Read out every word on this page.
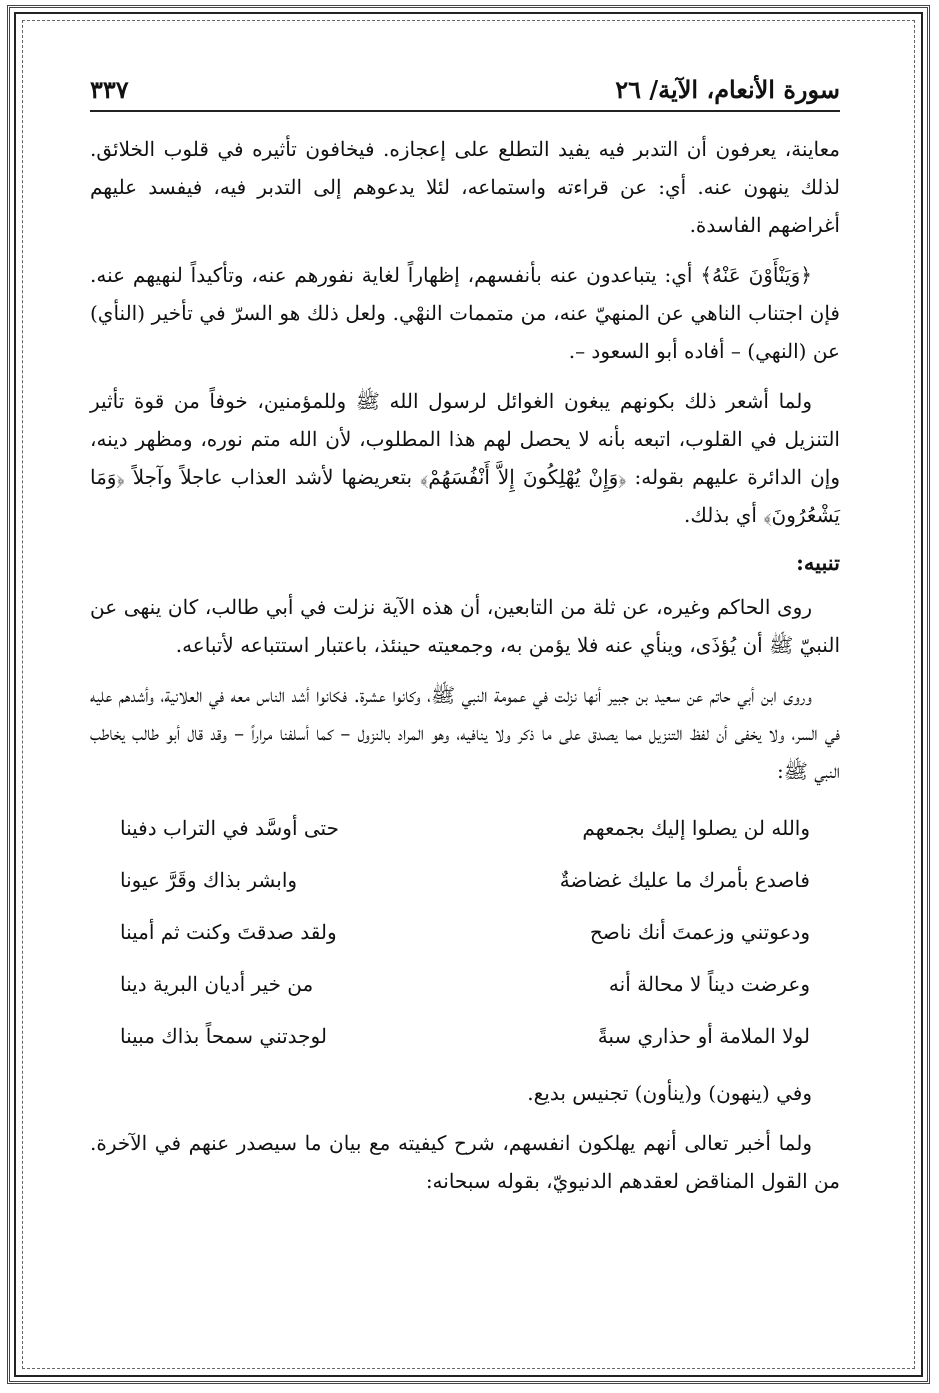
سورة الأنعام، الآية/ ٢٦
٣٣٧

معاينة، يعرفون أن التدبر فيه يفيد التطلع على إعجازه. فيخافون تأثيره في قلوب الخلائق. لذلك ينهون عنه. أي: عن قراءته واستماعه، لئلا يدعوهم إلى التدبر فيه، فيفسد عليهم أغراضهم الفاسدة.

﴿وَيَنْأَوْنَ عَنْهُ﴾ أي: يتباعدون عنه بأنفسهم، إظهاراً لغاية نفورهم عنه، وتأكيداً لنهيهم عنه. فإن اجتناب الناهي عن المنهيّ عنه، من متممات النهْي. ولعل ذلك هو السرّ في تأخير (النأي) عن (النهي) – أفاده أبو السعود –.

ولما أشعر ذلك بكونهم يبغون الغوائل لرسول الله ﷺ وللمؤمنين، خوفاً من قوة تأثير التنزيل في القلوب، اتبعه بأنه لا يحصل لهم هذا المطلوب، لأن الله متم نوره، ومظهر دينه، وإن الدائرة عليهم بقوله: ﴿وَإِنْ يُهْلِكُونَ إِلاَّ أَنْفُسَهُمْ﴾ بتعريضها لأشد العذاب عاجلاً وآجلاً ﴿وَمَا يَشْعُرُونَ﴾ أي بذلك.

تنبيه:

روى الحاكم وغيره، عن ثلة من التابعين، أن هذه الآية نزلت في أبي طالب، كان ينهى عن النبيّ ﷺ أن يُؤذَى، وينأي عنه فلا يؤمن به، وجمعيته حينئذ، باعتبار استتباعه لأتباعه.

وروى ابن أبي حاتم عن سعيد بن جبير أنها نزلت في عمومة النبي ﷺ، وكانوا عشرة. فكانوا أشد الناس معه في العلانية، وأشدهم عليه في السر، ولا يخفى أن لفظ التنزيل مما يصدق على ما ذكر ولا ينافيه، وهو المراد بالنزول – كما أسلفنا مراراً – وقد قال أبو طالب يخاطب النبي ﷺ:

والله لن يصلوا إليك بجمعهم
حتى أوسَّد في التراب دفينا
فاصدع بأمرك ما عليك غضاضةٌ
وابشر بذاك وقَرَّ عيونا
ودعوتني وزعمتَ أنك ناصح
ولقد صدقتَ وكنت ثم أمينا
وعرضت ديناً لا محالة أنه
من خير أديان البرية دينا
لولا الملامة أو حذاري سبةً
لوجدتني سمحاً بذاك مبينا

وفي (ينهون) و(ينأون) تجنيس بديع.

ولما أخبر تعالى أنهم يهلكون انفسهم، شرح كيفيته مع بيان ما سيصدر عنهم في الآخرة. من القول المناقض لعقدهم الدنيويّ، بقوله سبحانه:
